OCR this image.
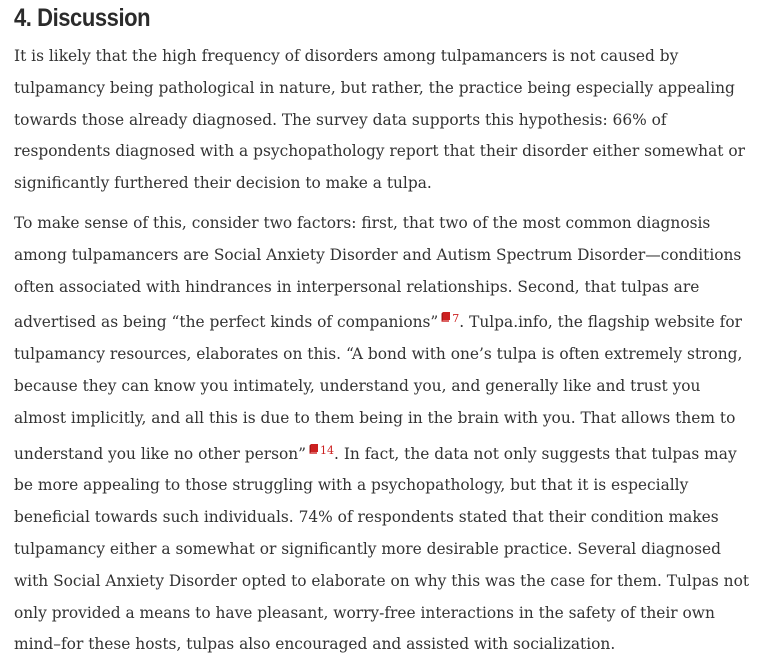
4. Discussion

It is likely that the high frequency of disorders among tulpamancers is not caused by tulpamancy being pathological in nature, but rather, the practice being especially appealing towards those already diagnosed. The survey data supports this hypothesis: 66% of respondents diagnosed with a psychopathology report that their disorder either somewhat or significantly furthered their decision to make a tulpa.

To make sense of this, consider two factors: first, that two of the most common diagnosis among tulpamancers are Social Anxiety Disorder and Autism Spectrum Disorder—conditions often associated with hindrances in interpersonal relationships. Second, that tulpas are advertised as being “the perfect kinds of companions” $^7$. Tulpa.info, the flagship website for tulpamancy resources, elaborates on this. “A bond with one’s tulpa is often extremely strong, because they can know you intimately, understand you, and generally like and trust you almost implicitly, and all this is due to them being in the brain with you. That allows them to understand you like no other person” $^{14}$. In fact, the data not only suggests that tulpas may be more appealing to those struggling with a psychopathology, but that it is especially beneficial towards such individuals. 74% of respondents stated that their condition makes tulpamancy either a somewhat or significantly more desirable practice. Several diagnosed with Social Anxiety Disorder opted to elaborate on why this was the case for them. Tulpas not only provided a means to have pleasant, worry-free interactions in the safety of their own mind–for these hosts, tulpas also encouraged and assisted with socialization.
